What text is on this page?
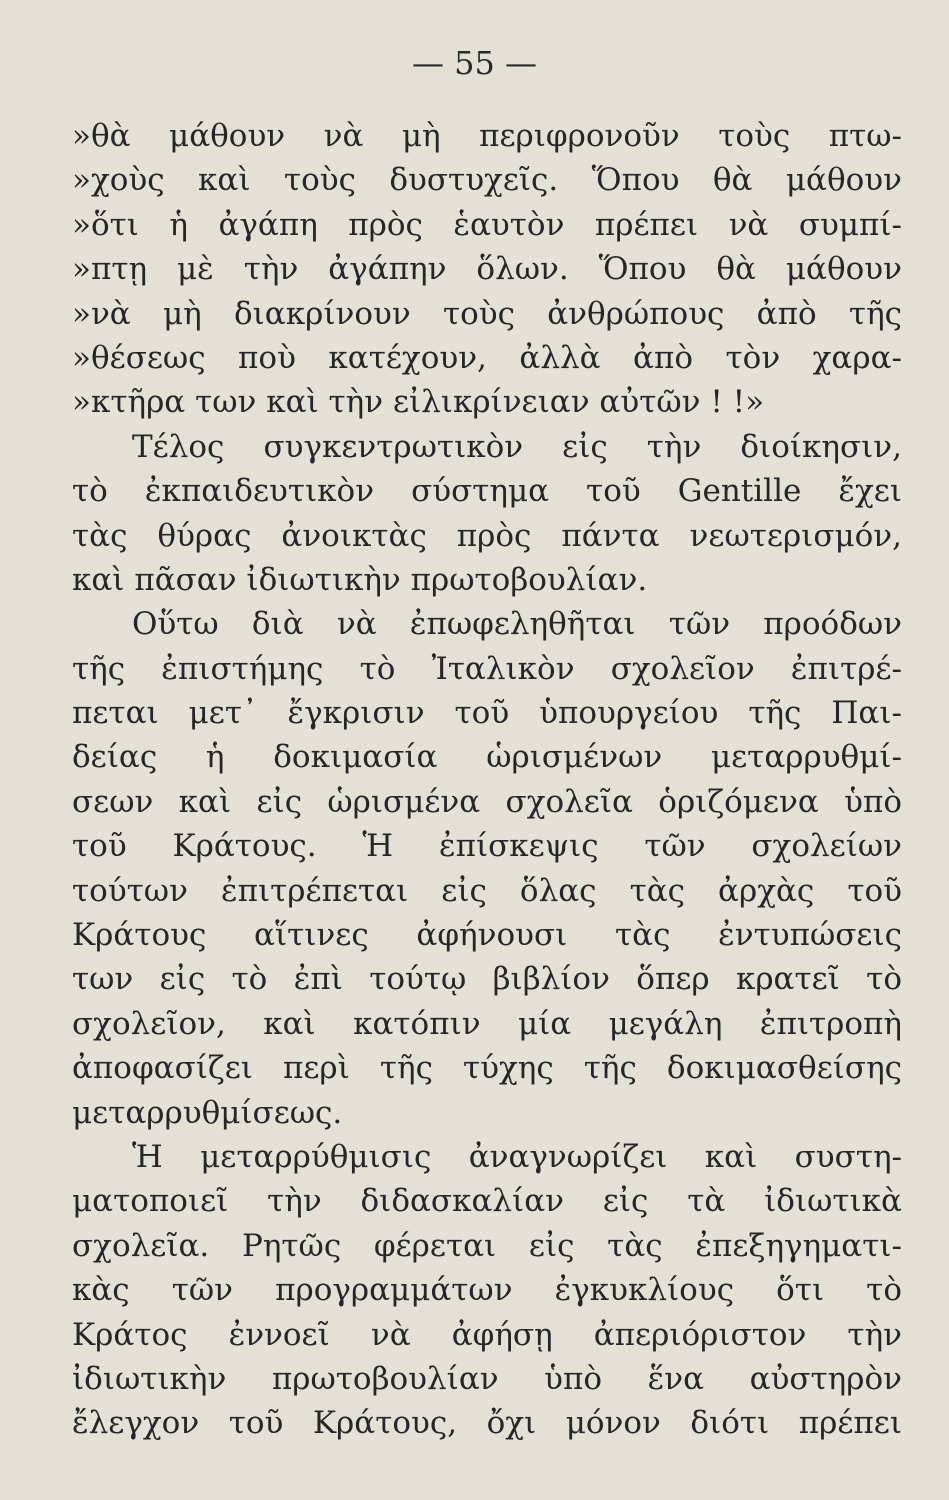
— 55 —
»θὰ μάθουν νὰ μὴ περιφρονοῦν τοὺς πτω-
»χοὺς καὶ τοὺς δυστυχεῖς. Ὅπου θὰ μάθουν
»ὅτι ἡ ἀγάπη πρὸς ἑαυτὸν πρέπει νὰ συμπί-
»πτῃ μὲ τὴν ἀγάπην ὅλων. Ὅπου θὰ μάθουν
»νὰ μὴ διακρίνουν τοὺς ἀνθρώπους ἀπὸ τῆς
»θέσεως ποὺ κατέχουν, ἀλλὰ ἀπὸ τὸν χαρα-
»κτῆρα των καὶ τὴν εἰλικρίνειαν αὐτῶν ! !»
Τέλος συγκεντρωτικὸν εἰς τὴν διοίκησιν,
τὸ ἐκπαιδευτικὸν σύστημα τοῦ Gentille ἔχει
τὰς θύρας ἀνοικτὰς πρὸς πάντα νεωτερισμόν,
καὶ πᾶσαν ἰδιωτικὴν πρωτοβουλίαν.
Οὕτω διὰ νὰ ἐπωφεληθῆται τῶν προόδων
τῆς ἐπιστήμης τὸ Ἰταλικὸν σχολεῖον ἐπιτρέ-
πεται μετ᾽ ἔγκρισιν τοῦ ὑπουργείου τῆς Παι-
δείας ἡ δοκιμασία ὡρισμένων μεταρρυθμί-
σεων καὶ εἰς ὡρισμένα σχολεῖα ὁριζόμενα ὑπὸ
τοῦ Κράτους. Ἡ ἐπίσκεψις τῶν σχολείων
τούτων ἐπιτρέπεται εἰς ὅλας τὰς ἀρχὰς τοῦ
Κράτους αἵτινες ἀφήνουσι τὰς ἐντυπώσεις
των εἰς τὸ ἐπὶ τούτῳ βιβλίον ὅπερ κρατεῖ τὸ
σχολεῖον, καὶ κατόπιν μία μεγάλη ἐπιτροπὴ
ἀποφασίζει περὶ τῆς τύχης τῆς δοκιμασθείσης
μεταρρυθμίσεως.
Ἡ μεταρρύθμισις ἀναγνωρίζει καὶ συστη-
ματοποιεῖ τὴν διδασκαλίαν εἰς τὰ ἰδιωτικὰ
σχολεῖα. Ρητῶς φέρεται εἰς τὰς ἐπεξηγηματι-
κὰς τῶν προγραμμάτων ἐγκυκλίους ὅτι τὸ
Κράτος ἐννοεῖ νὰ ἀφήσῃ ἀπεριόριστον τὴν
ἰδιωτικὴν πρωτοβουλίαν ὑπὸ ἕνα αὐστηρὸν
ἔλεγχον τοῦ Κράτους, ὄχι μόνον διότι πρέπει
